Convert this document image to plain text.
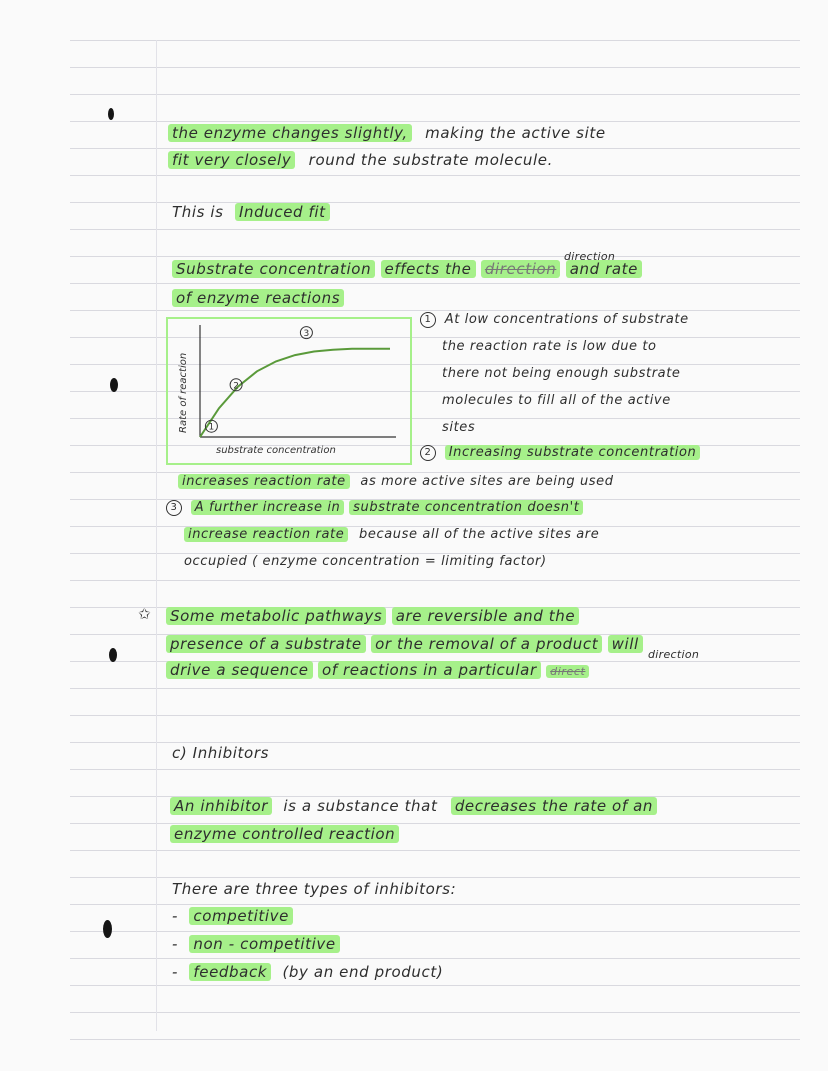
the enzyme changes slightly, making the active site
fit very closely round the substrate molecule.
This is Induced fit
Substrate concentration effects the direction and rate
direction
of enzyme reactions
1
2
3
substrate concentration
Rate of reaction
1 At low concentrations of substrate
the reaction rate is low due to
there not being enough substrate
molecules to fill all of the active
sites
2 Increasing substrate concentration
increases reaction rate as more active sites are being used
3 A further increase in substrate concentration doesn't
increase reaction rate because all of the active sites are
occupied ( enzyme concentration = limiting factor)
✩ Some metabolic pathways are reversible and the
presence of a substrate or the removal of a product will
direction
drive a sequence of reactions in a particular direct
c) Inhibitors
An inhibitor is a substance that decreases the rate of an
enzyme controlled reaction
There are three types of inhibitors:
- competitive
- non - competitive
- feedback (by an end product)
